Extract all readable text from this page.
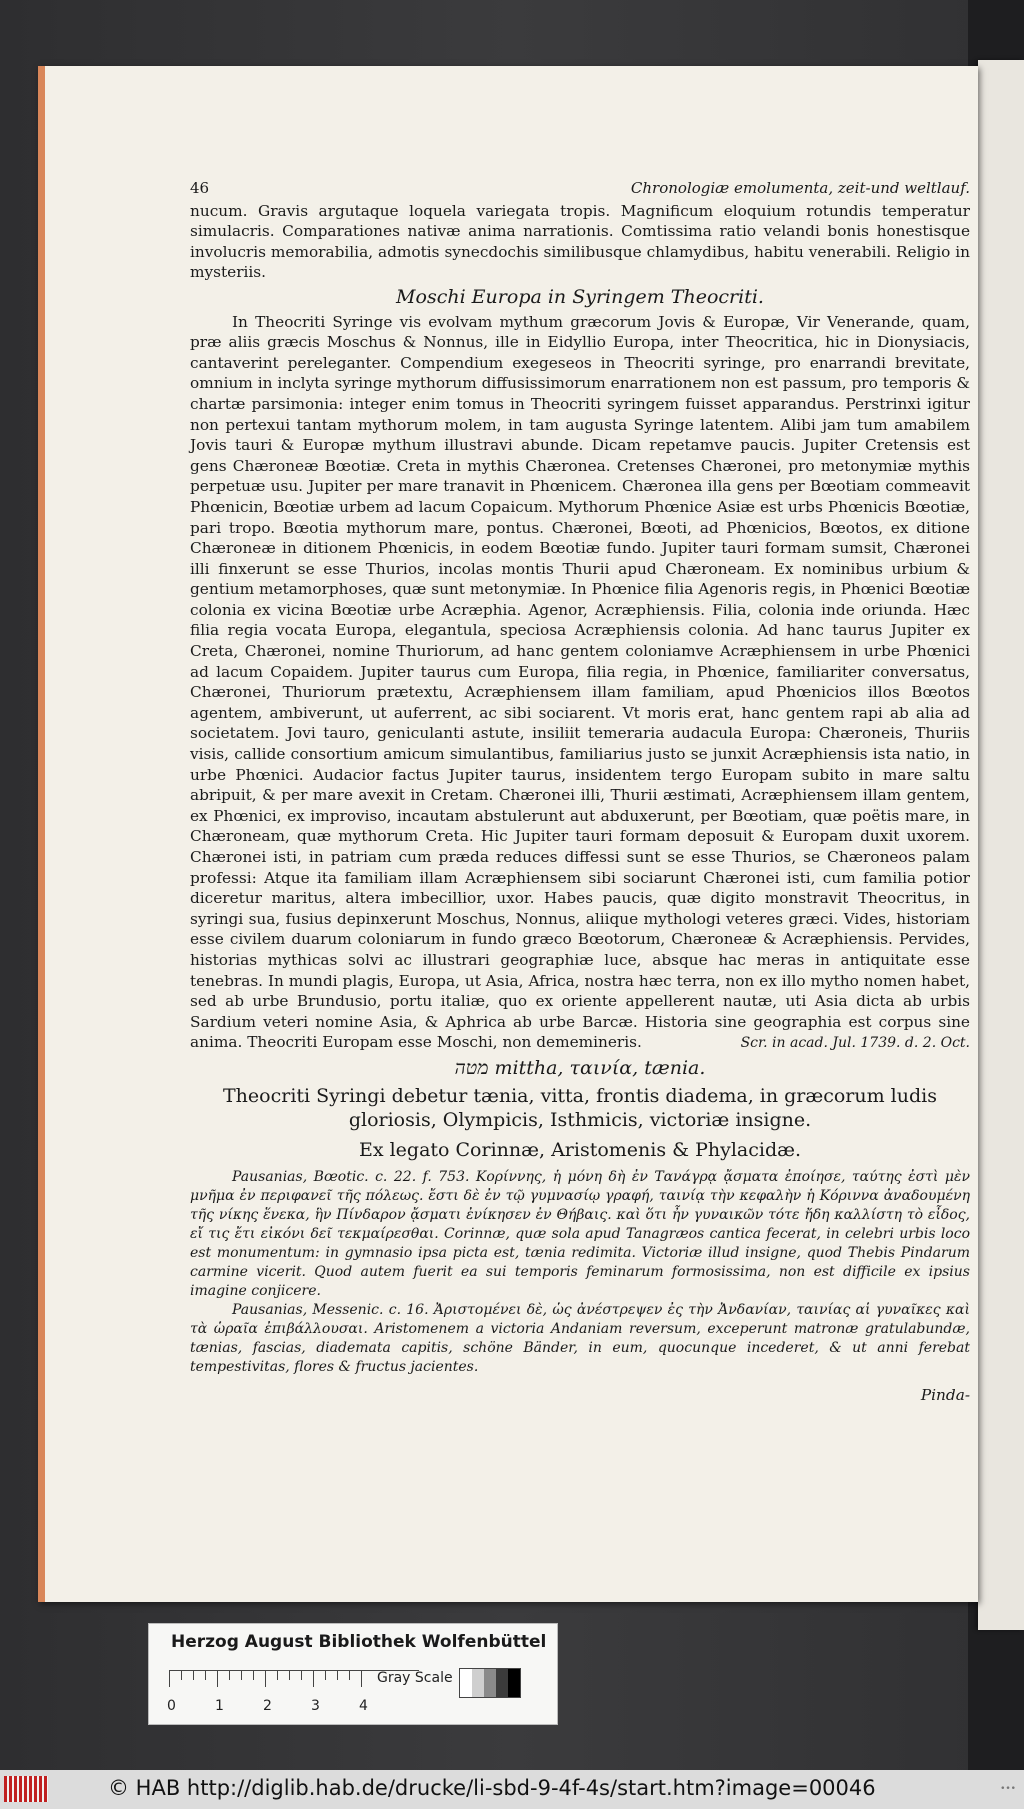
46	Chronologiæ emolumenta, zeit-und weltlauf.

nucum. Gravis argutaque loquela variegata tropis. Magnificum eloquium rotundis temperatur simulacris. Comparationes nativæ anima narrationis. Comtissima ratio velandi bonis honestisque involucris memorabilia, admotis synecdochis similibusque chlamydibus, habitu venerabili. Religio in mysteriis.

Moschi Europa in Syringem Theocriti.

In Theocriti Syringe vis evolvam mythum græcorum Jovis & Europæ, Vir Venerande, quam, præ aliis græcis Moschus & Nonnus, ille in Eidyllio Europa, inter Theocritica, hic in Dionysiacis, cantaverint pereleganter. Compendium exegeseos in Theocriti syringe, pro enarrandi brevitate, omnium in inclyta syringe mythorum diffusissimorum enarrationem non est passum, pro temporis & chartæ parsimonia: integer enim tomus in Theocriti syringem fuisset apparandus. Perstrinxi igitur non pertexui tantam mythorum molem, in tam augusta Syringe latentem. Alibi jam tum amabilem Jovis tauri & Europæ mythum illustravi abunde. Dicam repetamve paucis. Jupiter Cretensis est gens Chæroneæ Bœotiæ. Creta in mythis Chæronea. Cretenses Chæronei, pro metonymiæ mythis perpetuæ usu. Jupiter per mare tranavit in Phœnicem. Chæronea illa gens per Bœotiam commeavit Phœnicin, Bœotiæ urbem ad lacum Copaicum. Mythorum Phœnice Asiæ est urbs Phœnicis Bœotiæ, pari tropo. Bœotia mythorum mare, pontus. Chæronei, Bœoti, ad Phœnicios, Bœotos, ex ditione Chæroneæ in ditionem Phœnicis, in eodem Bœotiæ fundo. Jupiter tauri formam sumsit, Chæronei illi finxerunt se esse Thurios, incolas montis Thurii apud Chæroneam. Ex nominibus urbium & gentium metamorphoses, quæ sunt metonymiæ. In Phœnice filia Agenoris regis, in Phœnici Bœotiæ colonia ex vicina Bœotiæ urbe Acræphia. Agenor, Acræphiensis. Filia, colonia inde oriunda. Hæc filia regia vocata Europa, elegantula, speciosa Acræphiensis colonia. Ad hanc taurus Jupiter ex Creta, Chæronei, nomine Thuriorum, ad hanc gentem coloniamve Acræphiensem in urbe Phœnici ad lacum Copaidem. Jupiter taurus cum Europa, filia regia, in Phœnice, familiariter conversatus, Chæronei, Thuriorum prætextu, Acræphiensem illam familiam, apud Phœnicios illos Bœotos agentem, ambiverunt, ut auferrent, ac sibi sociarent. Vt moris erat, hanc gentem rapi ab alia ad societatem. Jovi tauro, geniculanti astute, insiliit temeraria audacula Europa: Chæroneis, Thuriis visis, callide consortium amicum simulantibus, familiarius justo se junxit Acræphiensis ista natio, in urbe Phœnici. Audacior factus Jupiter taurus, insidentem tergo Europam subito in mare saltu abripuit, & per mare avexit in Cretam. Chæronei illi, Thurii æstimati, Acræphiensem illam gentem, ex Phœnici, ex improviso, incautam abstulerunt aut abduxerunt, per Bœotiam, quæ poëtis mare, in Chæroneam, quæ mythorum Creta. Hic Jupiter tauri formam deposuit & Europam duxit uxorem. Chæronei isti, in patriam cum præda reduces diffessi sunt se esse Thurios, se Chæroneos palam professi: Atque ita familiam illam Acræphiensem sibi sociarunt Chæronei isti, cum familia potior diceretur maritus, altera imbecillior, uxor. Habes paucis, quæ digito monstravit Theocritus, in syringi sua, fusius depinxerunt Moschus, Nonnus, aliique mythologi veteres græci. Vides, historiam esse civilem duarum coloniarum in fundo græco Bœotorum, Chæroneæ & Acræphiensis. Pervides, historias mythicas solvi ac illustrari geographiæ luce, absque hac meras in antiquitate esse tenebras. In mundi plagis, Europa, ut Asia, Africa, nostra hæc terra, non ex illo mytho nomen habet, sed ab urbe Brundusio, portu italiæ, quo ex oriente appellerent nautæ, uti Asia dicta ab urbis Sardium veteri nomine Asia, & Aphrica ab urbe Barcæ. Historia sine geographia est corpus sine anima. Theocriti Europam esse Moschi, non dememineris.	Scr. in acad. Jul. 1739. d. 2. Oct.
מטה mittha, ταινία, tænia.
Theocriti Syringi debetur tænia, vitta, frontis diadema, in græcorum ludis gloriosis, Olympicis, Isthmicis, victoriæ insigne.
Ex legato Corinnæ, Aristomenis & Phylacidæ.

Pausanias, Bœotic. c. 22. f. 753. Κορίννης, ἡ μόνη δὴ ἐν Τανάγρᾳ ᾄσματα ἐποίησε, ταύτης ἐστὶ μὲν μνῆμα ἐν περιφανεῖ τῆς πόλεως. ἔστι δὲ ἐν τῷ γυμνασίῳ γραφή, ταινίᾳ τὴν κεφαλὴν ἡ Κόριννα ἀναδουμένη τῆς νίκης ἕνεκα, ἣν Πίνδαρον ᾄσματι ἐνίκησεν ἐν Θήβαις. καὶ ὅτι ἦν γυναικῶν τότε ἤδη καλλίστη τὸ εἶδος, εἴ τις ἔτι εἰκόνι δεῖ τεκμαίρεσθαι. Corinnæ, quæ sola apud Tanagræos cantica fecerat, in celebri urbis loco est monumentum: in gymnasio ipsa picta est, tænia redimita. Victoriæ illud insigne, quod Thebis Pindarum carmine vicerit. Quod autem fuerit ea sui temporis feminarum formosissima, non est difficile ex ipsius imagine conjicere.

Pausanias, Messenic. c. 16. Ἀριστομένει δὲ, ὡς ἀνέστρεψεν ἐς τὴν Ἀνδανίαν, ταινίας αἱ γυναῖκες καὶ τὰ ὡραῖα ἐπιβάλλουσαι. Aristomenem a victoria Andaniam reversum, exceperunt matronæ gratulabundæ, tænias, fascias, diademata capitis, schöne Bänder, in eum, quocunque incederet, & ut anni ferebat tempestivitas, flores & fructus jacientes.

Pinda-
Herzog August Bibliothek Wolfenbüttel
0	1	2	3	4
Gray Scale
© HAB http://diglib.hab.de/drucke/li-sbd-9-4f-4s/start.htm?image=00046	•••
